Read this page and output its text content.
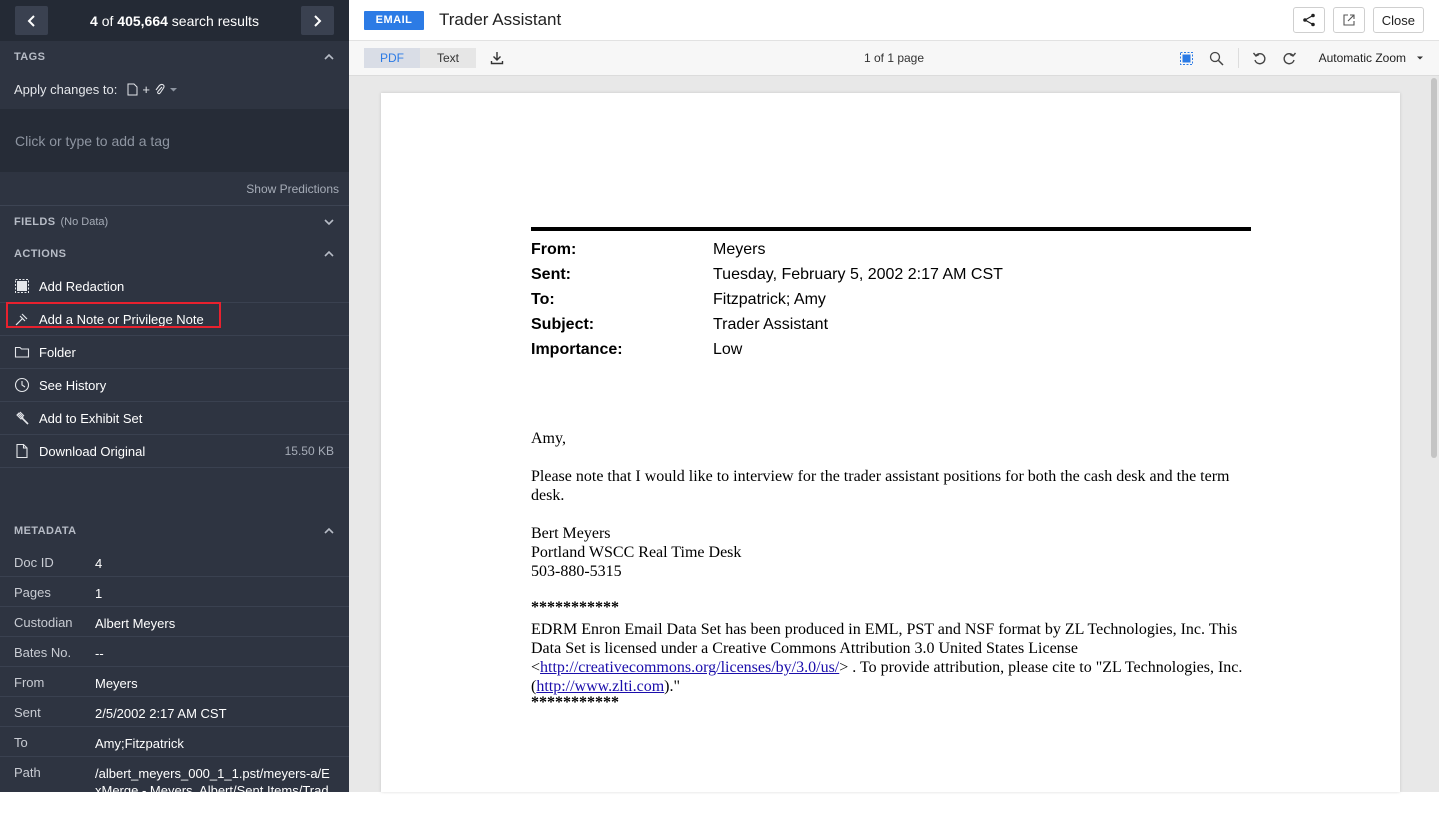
4 of 405,664 search results
TAGS
Apply changes to: +
Click or type to add a tag
Show Predictions
FIELDS (No Data)
ACTIONS
Add Redaction
Add a Note or Privilege Note
Folder
See History
Add to Exhibit Set
Download Original	15.50 KB
METADATA
Doc ID	4
Pages	1
Custodian	Albert Meyers
Bates No.	--
From	Meyers
Sent	2/5/2002 2:17 AM CST
To	Amy;Fitzpatrick
Path	/albert_meyers_000_1_1.pst/meyers-a/ExMerge - Meyers, Albert/Sent Items/Trader Assistant.msg
EMAIL	Trader Assistant	Close
1 of 1 page
PDF	Text	Automatic Zoom
From:	Meyers
Sent:	Tuesday, February 5, 2002 2:17 AM CST
To:	Fitzpatrick; Amy
Subject:	Trader Assistant
Importance:	Low

Amy,

Please note that I would like to interview for the trader assistant positions for both the cash desk and the term desk.

Bert Meyers

Portland WSCC Real Time Desk

503-880-5315

***********

EDRM Enron Email Data Set has been produced in EML, PST and NSF format by ZL Technologies, Inc. This Data Set is licensed under a Creative Commons Attribution 3.0 United States License <http://creativecommons.org/licenses/by/3.0/us/> . To provide attribution, please cite to "ZL Technologies, Inc. (http://www.zlti.com)."

***********
